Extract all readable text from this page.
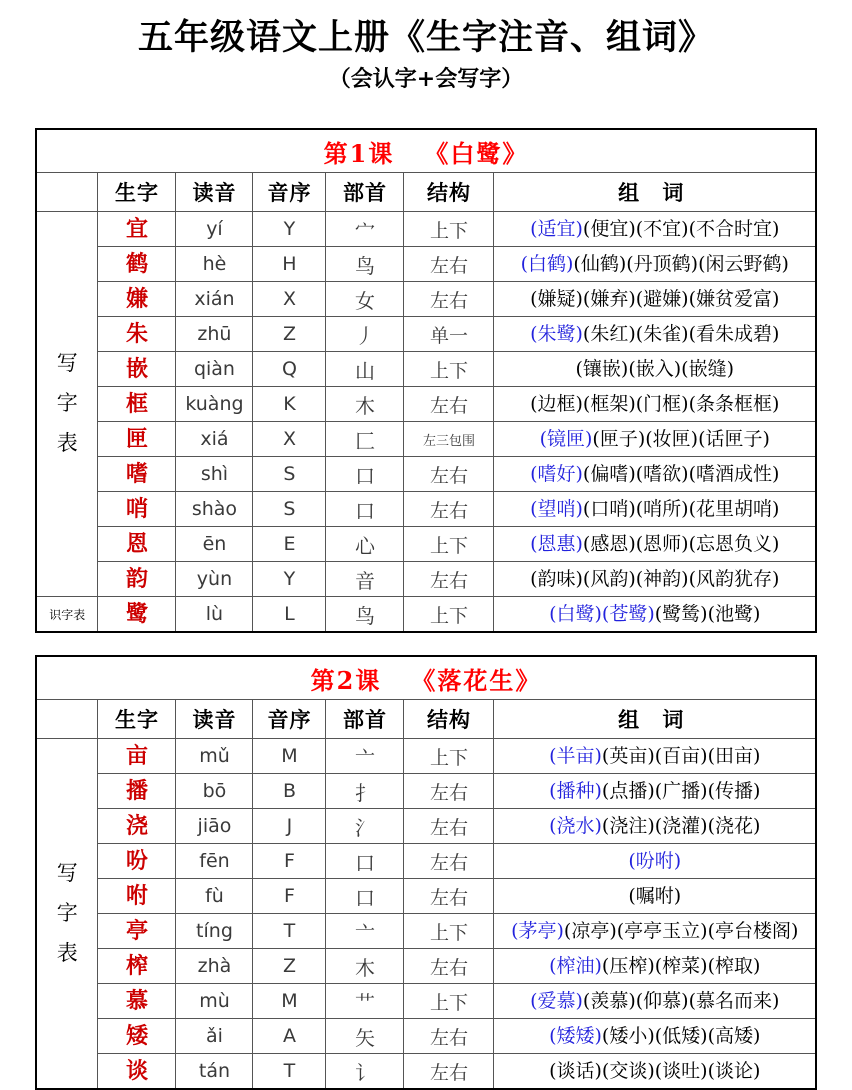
五年级语文上册《生字注音、组词》
（会认字+会写字）
第1课 《白鹭》						
	生字	读音	音序	部首	结构	组 词

写
字
表	宜	yí	Y	宀	上下	(适宜)(便宜)(不宜)(不合时宜)
	鹤	hè	H	鸟	左右	(白鹤)(仙鹤)(丹顶鹤)(闲云野鹤)
	嫌	xián	X	女	左右	(嫌疑)(嫌弃)(避嫌)(嫌贫爱富)
	朱	zhū	Z	丿	单一	(朱鹭)(朱红)(朱雀)(看朱成碧)
	嵌	qiàn	Q	山	上下	(镶嵌)(嵌入)(嵌缝)
	框	kuàng	K	木	左右	(边框)(框架)(门框)(条条框框)
	匣	xiá	X	匚	左三包围	(镜匣)(匣子)(妆匣)(话匣子)
	嗜	shì	S	口	左右	(嗜好)(偏嗜)(嗜欲)(嗜酒成性)
	哨	shào	S	口	左右	(望哨)(口哨)(哨所)(花里胡哨)
	恩	ēn	E	心	上下	(恩惠)(感恩)(恩师)(忘恩负义)
	韵	yùn	Y	音	左右	(韵味)(风韵)(神韵)(风韵犹存)
识字表	鹭	lù	L	鸟	上下	(白鹭)(苍鹭)(鹭鸶)(池鹭)
第2课 《落花生》						
	生字	读音	音序	部首	结构	组 词

写
字
表	亩	mǔ	M	亠	上下	(半亩)(英亩)(百亩)(田亩)
	播	bō	B	扌	左右	(播种)(点播)(广播)(传播)
	浇	jiāo	J	氵	左右	(浇水)(浇注)(浇灌)(浇花)
	吩	fēn	F	口	左右	(吩咐)
	咐	fù	F	口	左右	(嘱咐)
	亭	tíng	T	亠	上下	(茅亭)(凉亭)(亭亭玉立)(亭台楼阁)
	榨	zhà	Z	木	左右	(榨油)(压榨)(榨菜)(榨取)
	慕	mù	M	艹	上下	(爱慕)(羡慕)(仰慕)(慕名而来)
	矮	ǎi	A	矢	左右	(矮矮)(矮小)(低矮)(高矮)
	谈	tán	T	讠	左右	(谈话)(交谈)(谈吐)(谈论)
